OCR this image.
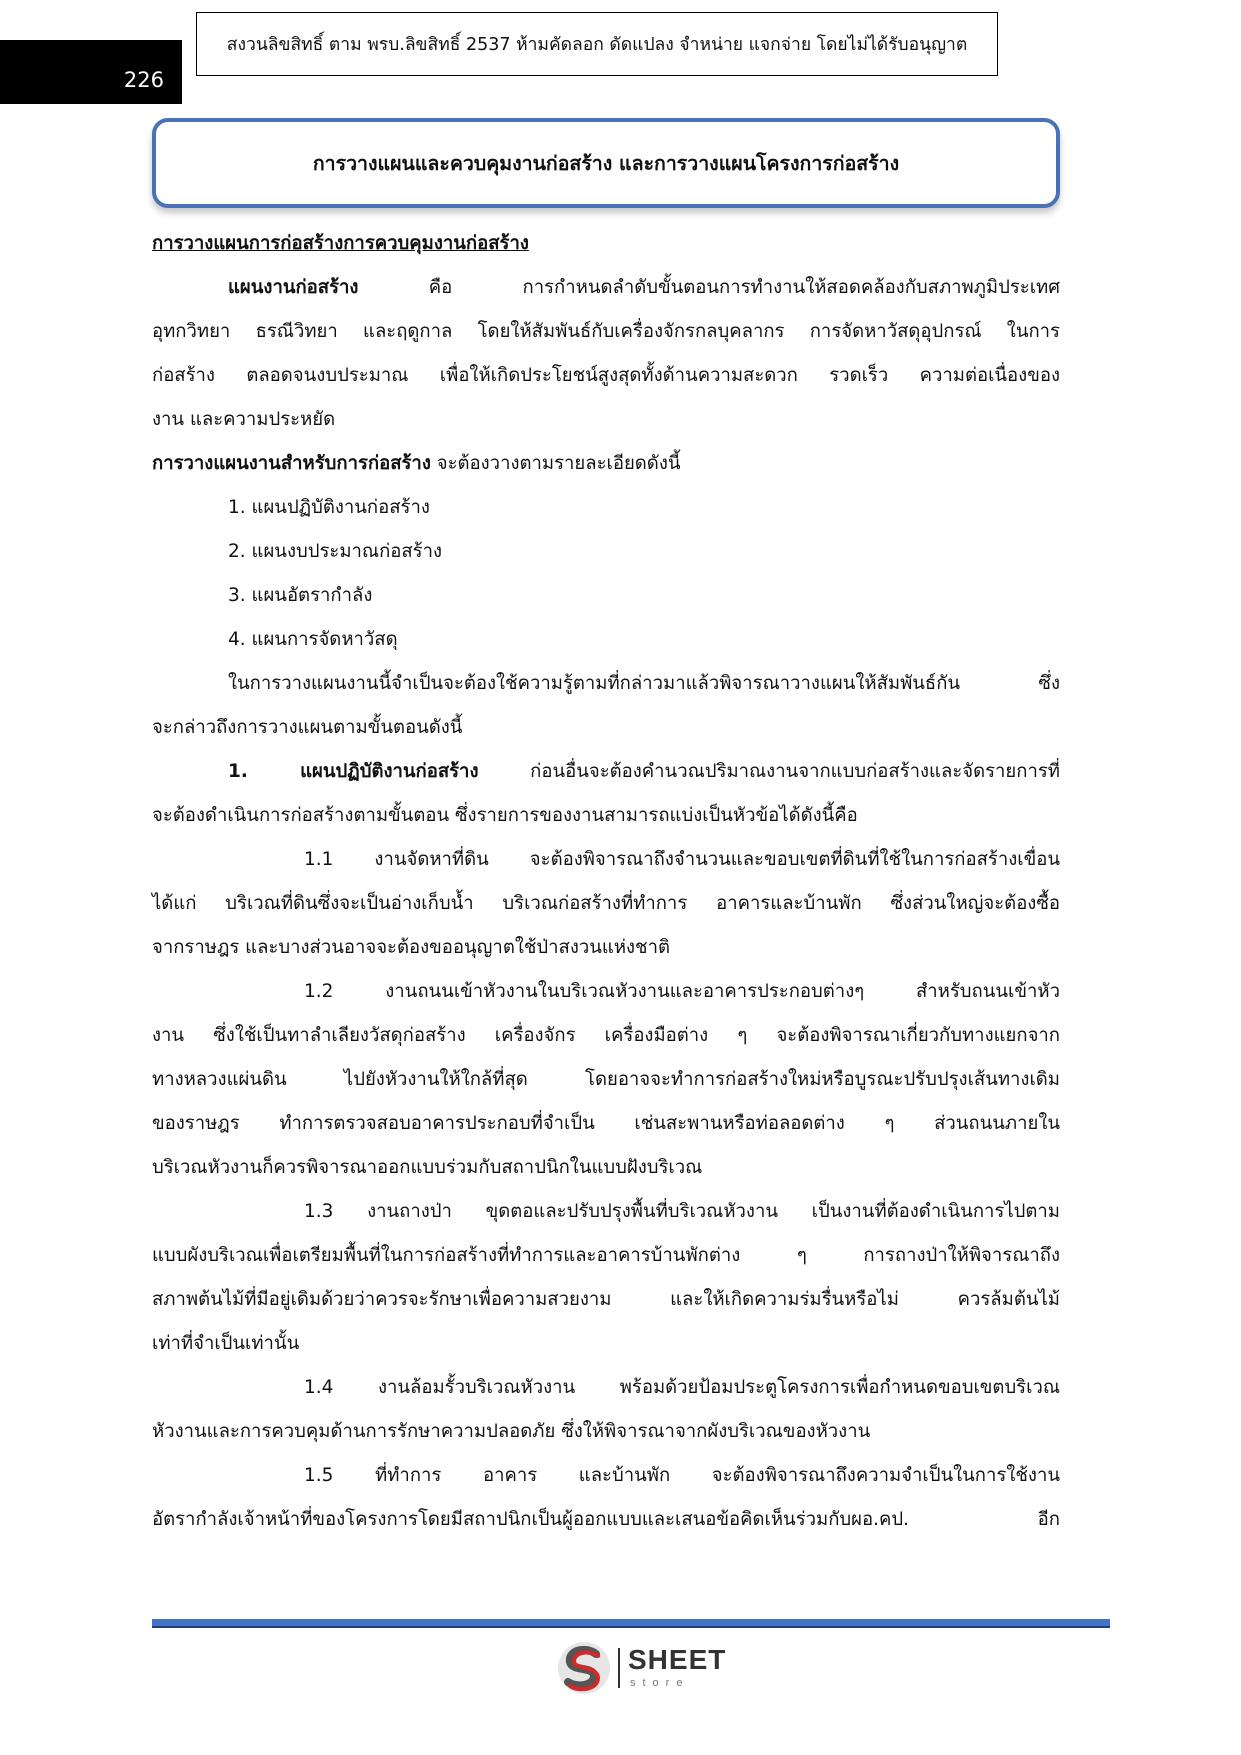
226
สงวนลิขสิทธิ์ ตาม พรบ.ลิขสิทธิ์ 2537 ห้ามคัดลอก ดัดแปลง จำหน่าย แจกจ่าย โดยไม่ได้รับอนุญาต
การวางแผนและควบคุมงานก่อสร้าง และการวางแผนโครงการก่อสร้าง

การวางแผนการก่อสร้างการควบคุมงานก่อสร้าง

แผนงานก่อสร้าง คือ การกำหนดลำดับขั้นตอนการทำงานให้สอดคล้องกับสภาพภูมิประเทศ

อุทกวิทยา ธรณีวิทยา และฤดูกาล โดยให้สัมพันธ์กับเครื่องจักรกลบุคลากร การจัดหาวัสดุอุปกรณ์ ในการ

ก่อสร้าง ตลอดจนงบประมาณ เพื่อให้เกิดประโยชน์สูงสุดทั้งด้านความสะดวก รวดเร็ว ความต่อเนื่องของ

งาน และความประหยัด

การวางแผนงานสำหรับการก่อสร้าง จะต้องวางตามรายละเอียดดังนี้

1. แผนปฏิบัติงานก่อสร้าง

2. แผนงบประมาณก่อสร้าง

3. แผนอัตรากำลัง

4. แผนการจัดหาวัสดุ

ในการวางแผนงานนี้จำเป็นจะต้องใช้ความรู้ตามที่กล่าวมาแล้วพิจารณาวางแผนให้สัมพันธ์กัน ซึ่ง

จะกล่าวถึงการวางแผนตามขั้นตอนดังนี้

1. แผนปฏิบัติงานก่อสร้าง ก่อนอื่นจะต้องคำนวณปริมาณงานจากแบบก่อสร้างและจัดรายการที่

จะต้องดำเนินการก่อสร้างตามขั้นตอน ซึ่งรายการของงานสามารถแบ่งเป็นหัวข้อได้ดังนี้คือ

1.1 งานจัดหาที่ดิน จะต้องพิจารณาถึงจำนวนและขอบเขตที่ดินที่ใช้ในการก่อสร้างเขื่อน

ได้แก่ บริเวณที่ดินซึ่งจะเป็นอ่างเก็บน้ำ บริเวณก่อสร้างที่ทำการ อาคารและบ้านพัก ซึ่งส่วนใหญ่จะต้องซื้อ

จากราษฎร และบางส่วนอาจจะต้องขออนุญาตใช้ป่าสงวนแห่งชาติ

1.2 งานถนนเข้าหัวงานในบริเวณหัวงานและอาคารประกอบต่างๆ สำหรับถนนเข้าหัว

งาน ซึ่งใช้เป็นทาลำเลียงวัสดุก่อสร้าง เครื่องจักร เครื่องมือต่าง ๆ จะต้องพิจารณาเกี่ยวกับทางแยกจาก

ทางหลวงแผ่นดิน ไปยังหัวงานให้ใกล้ที่สุด โดยอาจจะทำการก่อสร้างใหม่หรือบูรณะปรับปรุงเส้นทางเดิม

ของราษฎร ทำการตรวจสอบอาคารประกอบที่จำเป็น เช่นสะพานหรือท่อลอดต่าง ๆ ส่วนถนนภายใน

บริเวณหัวงานก็ควรพิจารณาออกแบบร่วมกับสถาปนิกในแบบฝังบริเวณ

1.3 งานถางป่า ขุดตอและปรับปรุงพื้นที่บริเวณหัวงาน เป็นงานที่ต้องดำเนินการไปตาม

แบบผังบริเวณเพื่อเตรียมพื้นที่ในการก่อสร้างที่ทำการและอาคารบ้านพักต่าง ๆ การถางป่าให้พิจารณาถึง

สภาพต้นไม้ที่มีอยู่เดิมด้วยว่าควรจะรักษาเพื่อความสวยงาม และให้เกิดความร่มรื่นหรือไม่ ควรล้มต้นไม้

เท่าที่จำเป็นเท่านั้น

1.4 งานล้อมรั้วบริเวณหัวงาน พร้อมด้วยป้อมประตูโครงการเพื่อกำหนดขอบเขตบริเวณ

หัวงานและการควบคุมด้านการรักษาความปลอดภัย ซึ่งให้พิจารณาจากผังบริเวณของหัวงาน

1.5 ที่ทำการ อาคาร และบ้านพัก จะต้องพิจารณาถึงความจำเป็นในการใช้งาน

อัตรากำลังเจ้าหน้าที่ของโครงการโดยมีสถาปนิกเป็นผู้ออกแบบและเสนอข้อคิดเห็นร่วมกับผอ.คป. อีก

SHEET
store
